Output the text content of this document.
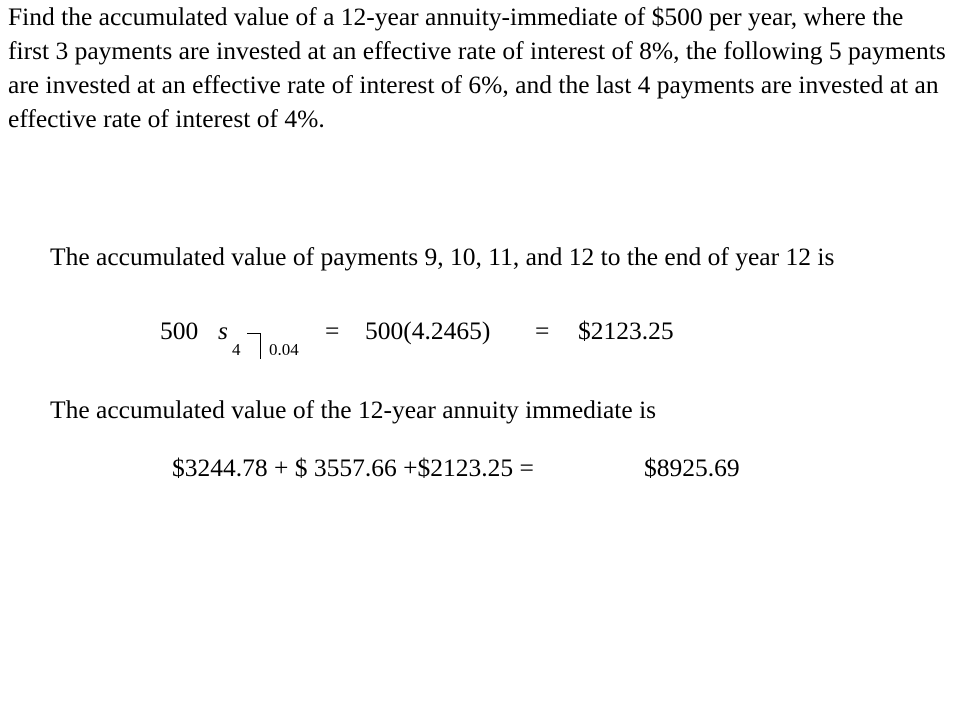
Find the accumulated value of a 12-year annuity-immediate of $500 per year, where the first 3 payments are invested at an effective rate of interest of 8%, the following 5 payments are invested at an effective rate of interest of 6%, and the last 4 payments are invested at an effective rate of interest of 4%.

The accumulated value of payments 9, 10, 11, and 12 to the end of year 12 is

500 s
4 0.04
= 500(4.2465) = $2123.25

The accumulated value of the 12-year annuity immediate is

$3244.78 + $ 3557.66 +$2123.25 =	$8925.69
